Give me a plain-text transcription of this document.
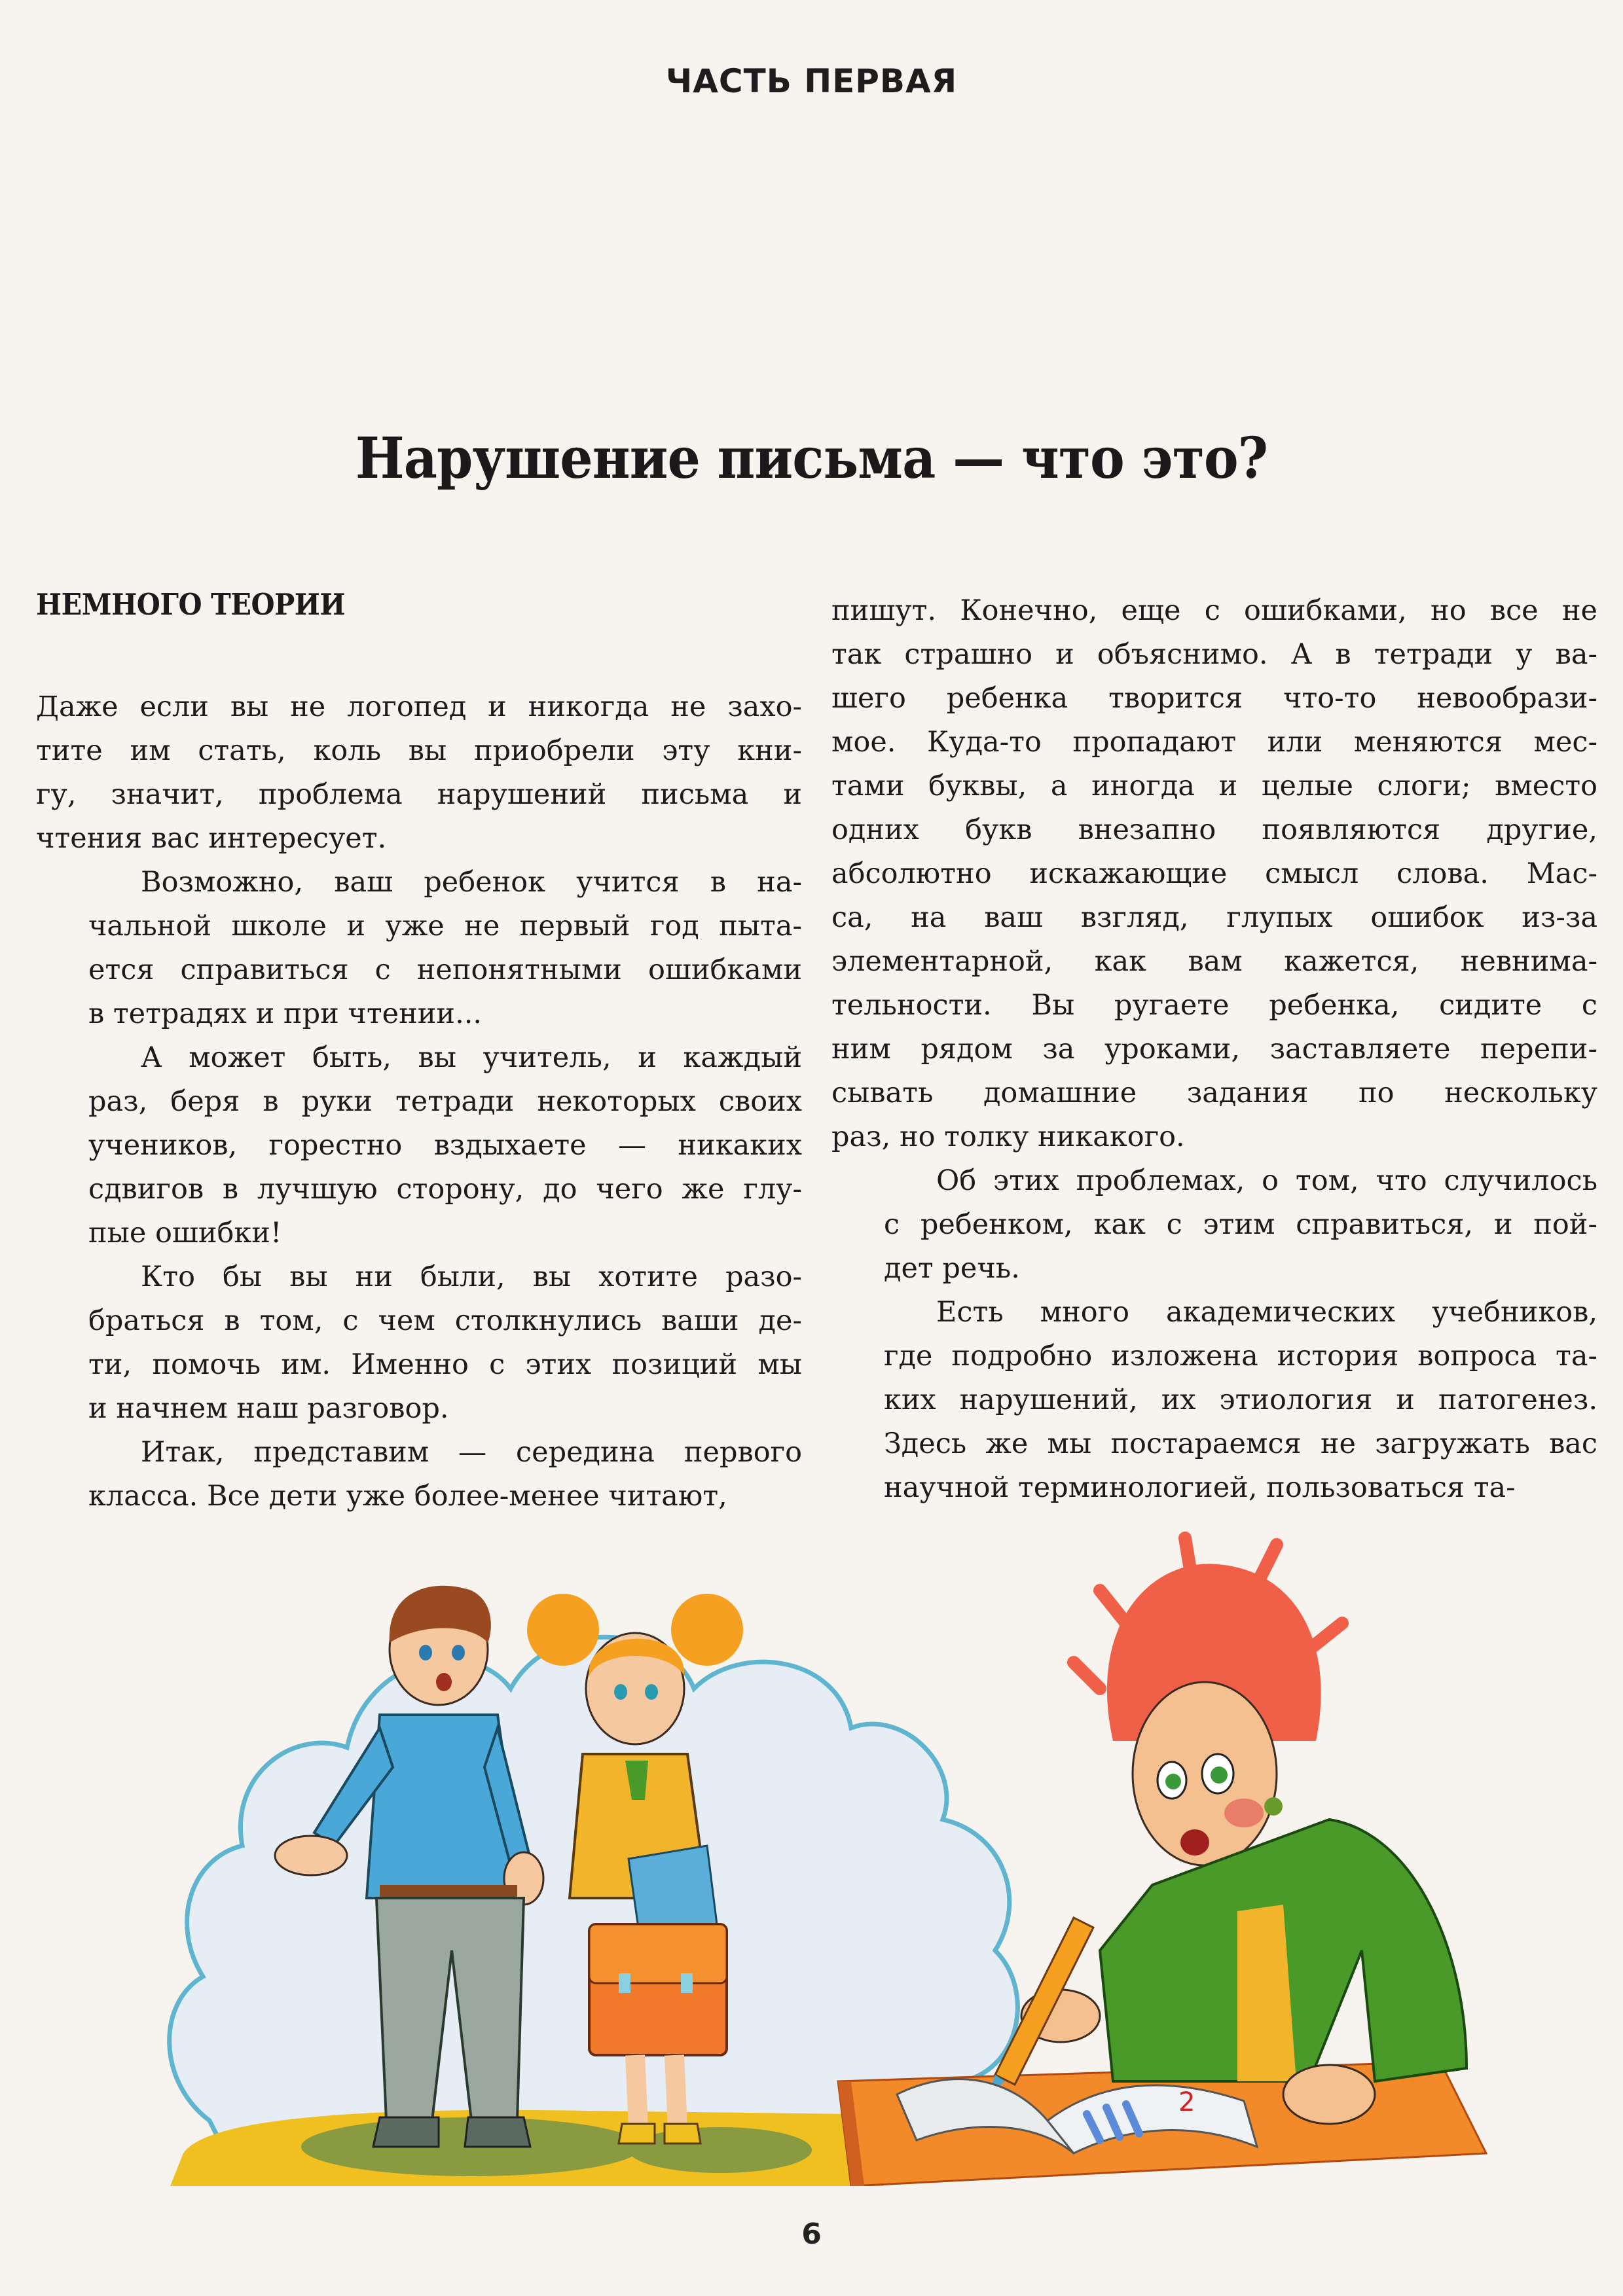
ЧАСТЬ ПЕРВАЯ
Нарушение письма — что это?
НЕМНОГО ТЕОРИИ
Даже если вы не логопед и никогда не захо-
тите им стать, коль вы приобрели эту кни-
гу, значит, проблема нарушений письма и
чтения вас интересует.
Возможно, ваш ребенок учится в на-
чальной школе и уже не первый год пыта-
ется справиться с непонятными ошибками
в тетрадях и при чтении...
А может быть, вы учитель, и каждый
раз, беря в руки тетради некоторых своих
учеников, горестно вздыхаете — никаких
сдвигов в лучшую сторону, до чего же глу-
пые ошибки!
Кто бы вы ни были, вы хотите разо-
браться в том, с чем столкнулись ваши де-
ти, помочь им. Именно с этих позиций мы
и начнем наш разговор.
Итак, представим — середина первого
класса. Все дети уже более-менее читают,
пишут. Конечно, еще с ошибками, но все не
так страшно и объяснимо. А в тетради у ва-
шего ребенка творится что-то невообрази-
мое. Куда-то пропадают или меняются мес-
тами буквы, а иногда и целые слоги; вместо
одних букв внезапно появляются другие,
абсолютно искажающие смысл слова. Мас-
са, на ваш взгляд, глупых ошибок из-за
элементарной, как вам кажется, невнима-
тельности. Вы ругаете ребенка, сидите с
ним рядом за уроками, заставляете перепи-
сывать домашние задания по нескольку
раз, но толку никакого.
Об этих проблемах, о том, что случилось
с ребенком, как с этим справиться, и пой-
дет речь.
Есть много академических учебников,
где подробно изложена история вопроса та-
ких нарушений, их этиология и патогенез.
Здесь же мы постараемся не загружать вас
научной терминологией, пользоваться та-
2
6
